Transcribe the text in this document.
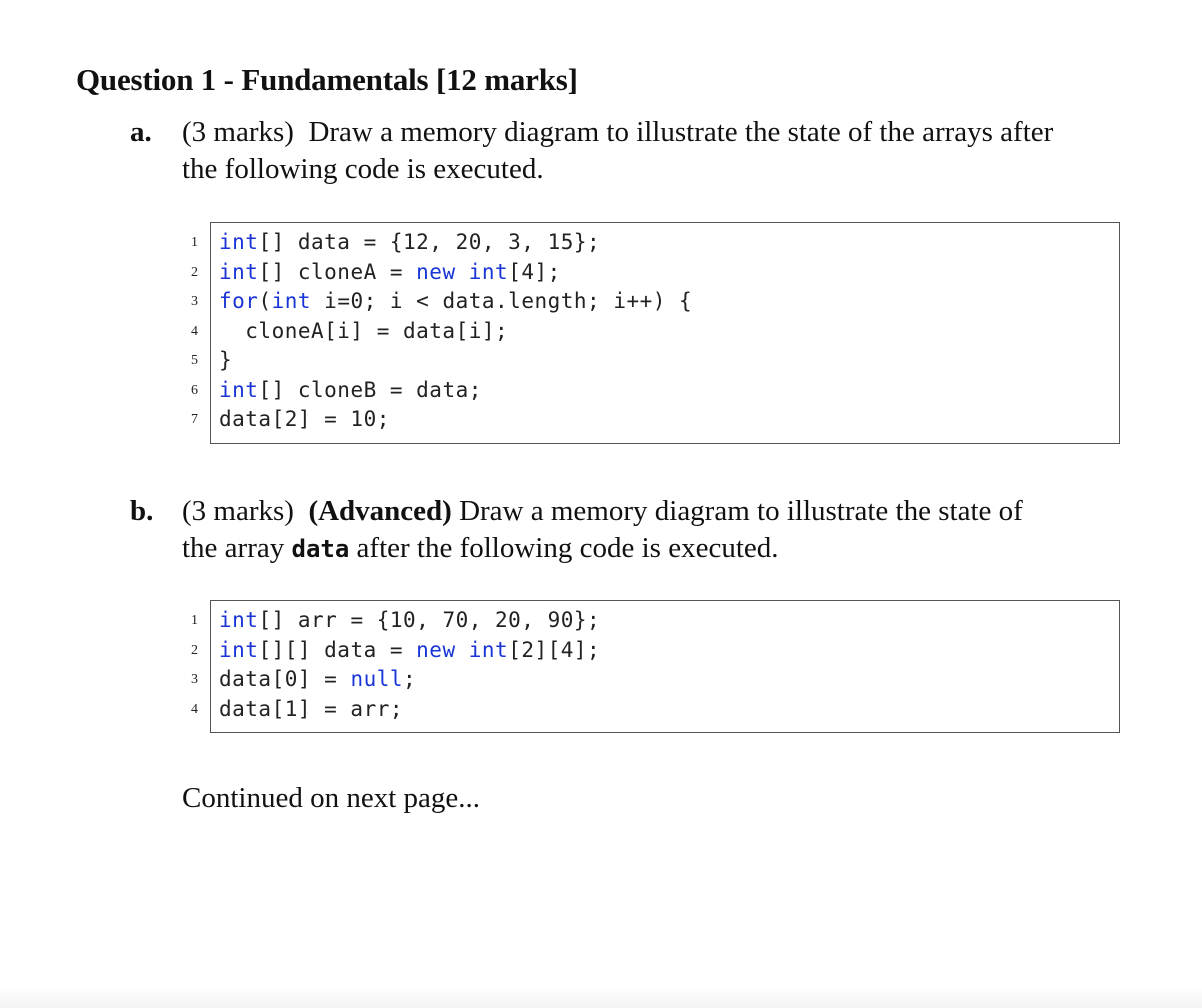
Question 1 - Fundamentals [12 marks]
a.	(3 marks) Draw a memory diagram to illustrate the state of the arrays after
the following code is executed.
1 int[] data = {12, 20, 3, 15};
2 int[] cloneA = new int[4];
3 for(int i=0; i < data.length; i++) {
4 cloneA[i] = data[i];
5 }
6 int[] cloneB = data;
7 data[2] = 10;
b. (3 marks) (Advanced) Draw a memory diagram to illustrate the state of
the array data after the following code is executed.
1 int[] arr = {10, 70, 20, 90};
2 int[][] data = new int[2][4];
3 data[0] = null;
4 data[1] = arr;
Continued on next page...
